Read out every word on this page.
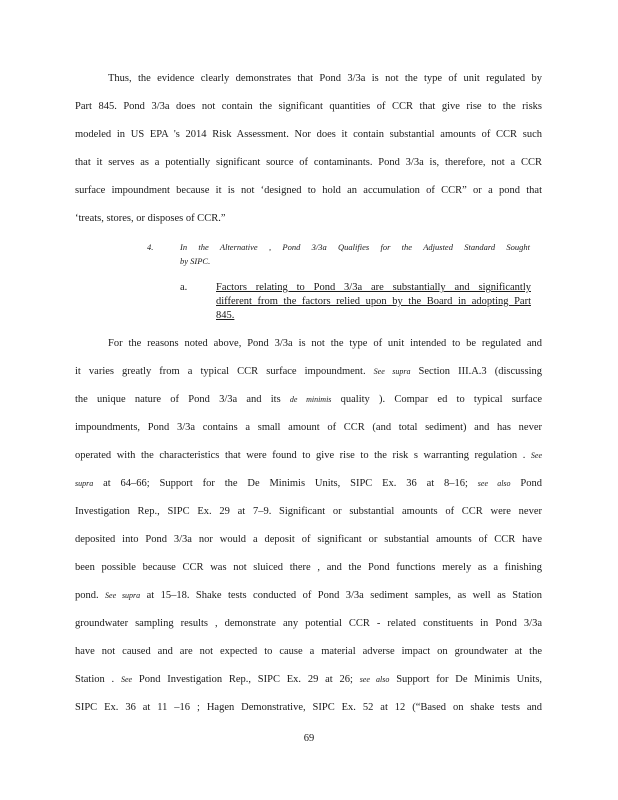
Thus, the evidence clearly demonstrates that Pond 3/3a is not the type of unit regulated by
Part 845. Pond 3/3a does not contain the significant quantities of CCR that give rise to the risks
modeled in US EPA 's 2014 Risk Assessment. Nor does it contain substantial amounts of CCR such
that it serves as a potentially significant source of contaminants. Pond 3/3a is, therefore, not a CCR
surface impoundment because it is not ‘designed to hold an accumulation of CCR” or a pond that
‘treats, stores, or disposes of CCR.”
4.	In the Alternative , Pond 3/3a Qualifies for the Adjusted Standard Sought
by SIPC.
a.	Factors relating to Pond 3/3a are substantially and significantly
different from the factors relied upon by the Board in adopting Part
845.
For the reasons noted above, Pond 3/3a is not the type of unit intended to be regulated and
it varies greatly from a typical CCR surface impoundment. See supra Section III.A.3 (discussing
the unique nature of Pond 3/3a and its de minimis quality ). Compar ed to typical surface
impoundments, Pond 3/3a contains a small amount of CCR (and total sediment) and has never
operated with the characteristics that were found to give rise to the risk s warranting regulation . See
supra at 64–66; Support for the De Minimis Units, SIPC Ex. 36 at 8–16; see also Pond
Investigation Rep., SIPC Ex. 29 at 7–9. Significant or substantial amounts of CCR were never
deposited into Pond 3/3a nor would a deposit of significant or substantial amounts of CCR have
been possible because CCR was not sluiced there , and the Pond functions merely as a finishing
pond. See supra at 15–18. Shake tests conducted of Pond 3/3a sediment samples, as well as Station
groundwater sampling results , demonstrate any potential CCR - related constituents in Pond 3/3a
have not caused and are not expected to cause a material adverse impact on groundwater at the
Station . See Pond Investigation Rep., SIPC Ex. 29 at 26; see also Support for De Minimis Units,
SIPC Ex. 36 at 11 –16 ; Hagen Demonstrative, SIPC Ex. 52 at 12 (“Based on shake tests and
69
